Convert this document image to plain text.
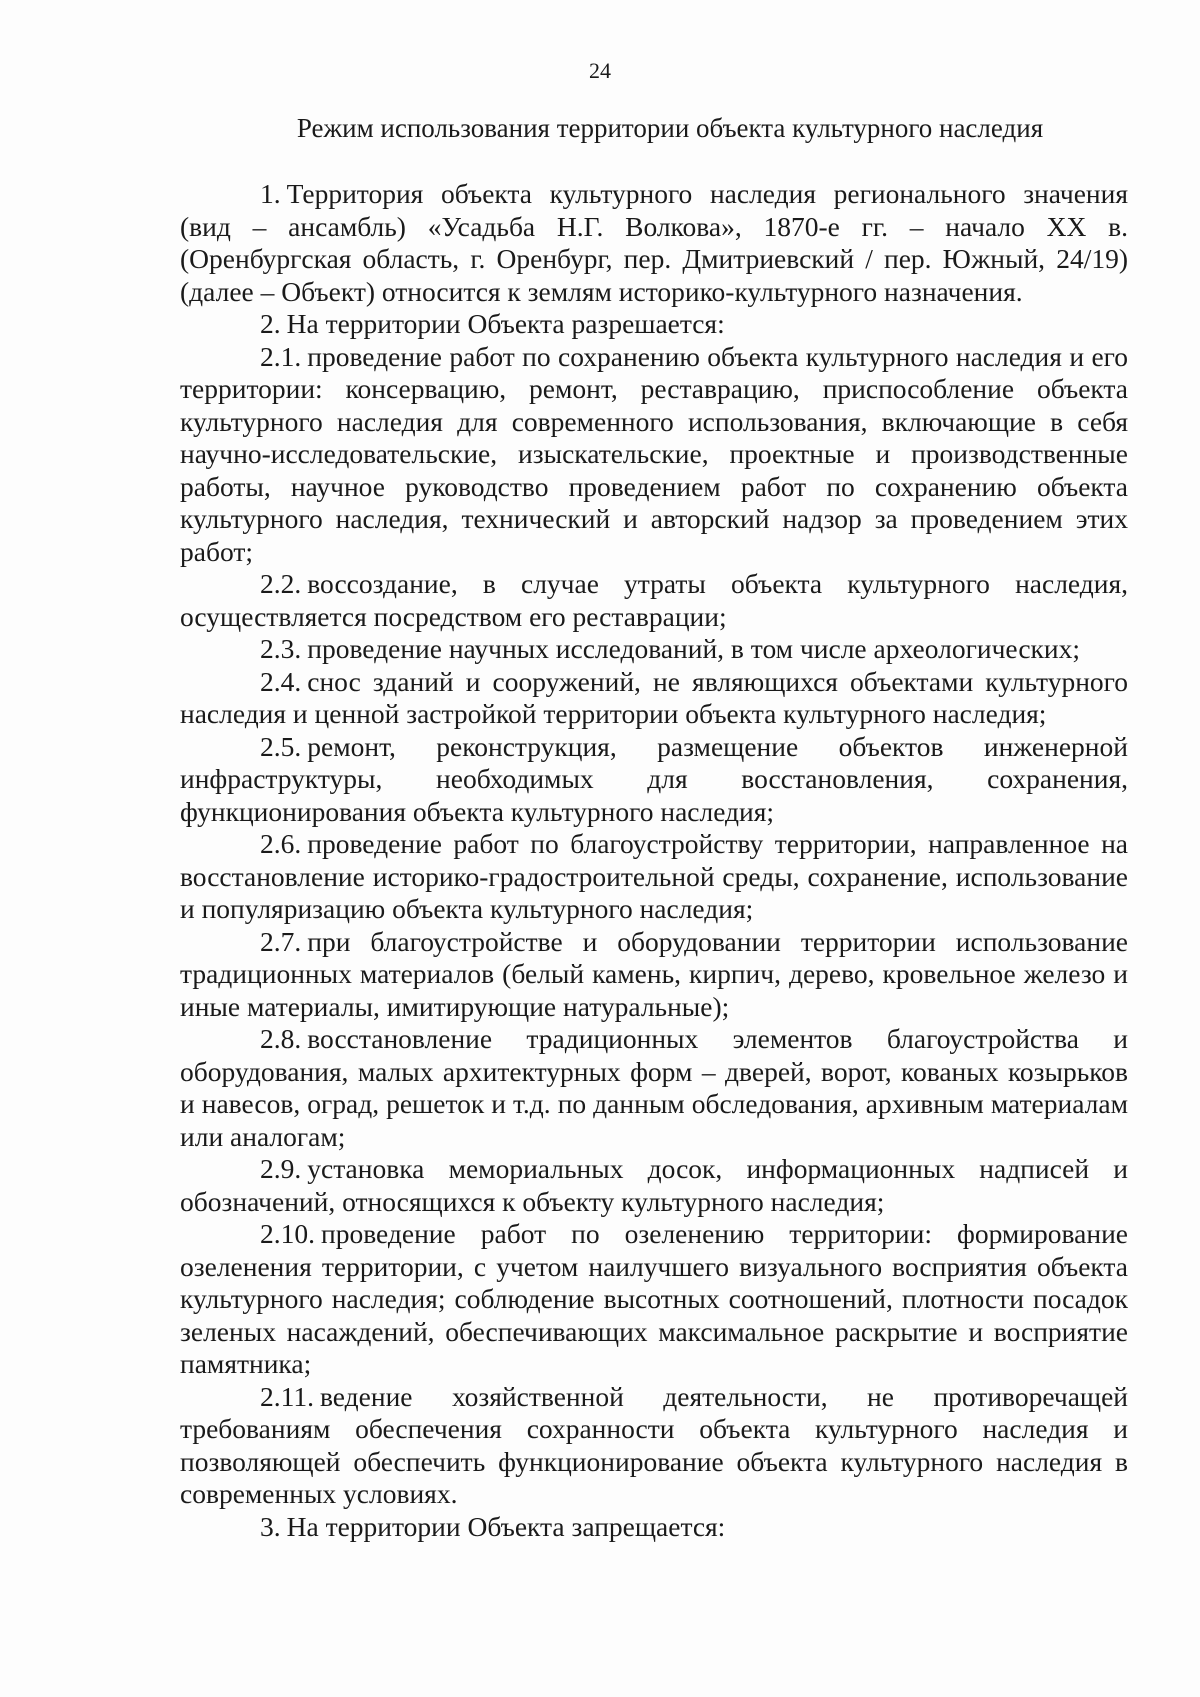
24
Режим использования территории объекта культурного наследия

1. Территория объекта культурного наследия регионального значения (вид – ансамбль) «Усадьба Н.Г. Волкова», 1870-е гг. – начало XX в. (Оренбургская область, г. Оренбург, пер. Дмитриевский / пер. Южный, 24/19) (далее – Объект) относится к землям историко-культурного назначения.

2. На территории Объекта разрешается:

2.1. проведение работ по сохранению объекта культурного наследия и его территории: консервацию, ремонт, реставрацию, приспособление объекта культурного наследия для современного использования, включающие в себя научно-исследовательские, изыскательские, проектные и производственные работы, научное руководство проведением работ по сохранению объекта культурного наследия, технический и авторский надзор за проведением этих работ;

2.2. воссоздание, в случае утраты объекта культурного наследия, осуществляется посредством его реставрации;

2.3. проведение научных исследований, в том числе археологических;

2.4. снос зданий и сооружений, не являющихся объектами культурного наследия и ценной застройкой территории объекта культурного наследия;

2.5. ремонт, реконструкция, размещение объектов инженерной инфраструктуры, необходимых для восстановления, сохранения, функционирования объекта культурного наследия;

2.6. проведение работ по благоустройству территории, направленное на восстановление историко-градостроительной среды, сохранение, использование и популяризацию объекта культурного наследия;

2.7. при благоустройстве и оборудовании территории использование традиционных материалов (белый камень, кирпич, дерево, кровельное железо и иные материалы, имитирующие натуральные);

2.8. восстановление традиционных элементов благоустройства и оборудования, малых архитектурных форм – дверей, ворот, кованых козырьков и навесов, оград, решеток и т.д. по данным обследования, архивным материалам или аналогам;

2.9. установка мемориальных досок, информационных надписей и обозначений, относящихся к объекту культурного наследия;

2.10. проведение работ по озеленению территории: формирование озеленения территории, с учетом наилучшего визуального восприятия объекта культурного наследия; соблюдение высотных соотношений, плотности посадок зеленых насаждений, обеспечивающих максимальное раскрытие и восприятие памятника;

2.11. ведение хозяйственной деятельности, не противоречащей требованиям обеспечения сохранности объекта культурного наследия и позволяющей обеспечить функционирование объекта культурного наследия в современных условиях.

3. На территории Объекта запрещается:
